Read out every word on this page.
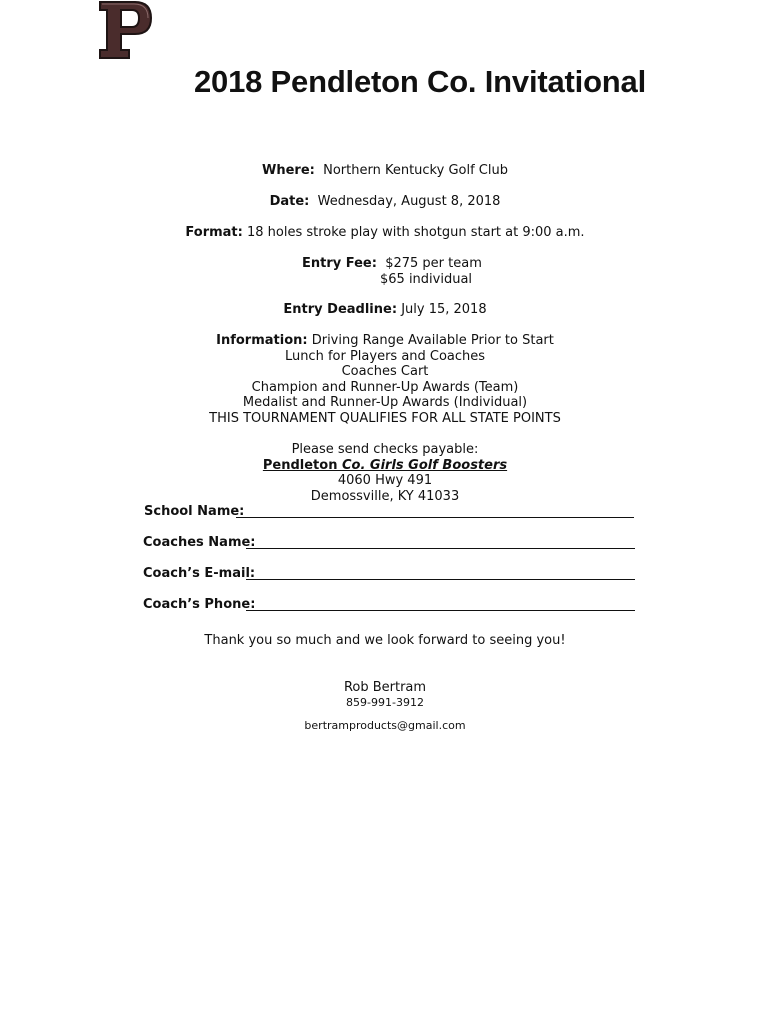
2018 Pendleton Co. Invitational
Where: Northern Kentucky Golf Club
Date: Wednesday, August 8, 2018
Format: 18 holes stroke play with shotgun start at 9:00 a.m.
Entry Fee: $275 per team
$65 individual
Entry Deadline: July 15, 2018
Information: Driving Range Available Prior to Start
Lunch for Players and Coaches
Coaches Cart
Champion and Runner-Up Awards (Team)
Medalist and Runner-Up Awards (Individual)
THIS TOURNAMENT QUALIFIES FOR ALL STATE POINTS
Please send checks payable:
Pendleton Co. Girls Golf Boosters
4060 Hwy 491
Demossville, KY 41033
School Name:
Coaches Name:
Coach’s E-mail:
Coach’s Phone:
Thank you so much and we look forward to seeing you!
Rob Bertram
859-991-3912
bertramproducts@gmail.com
